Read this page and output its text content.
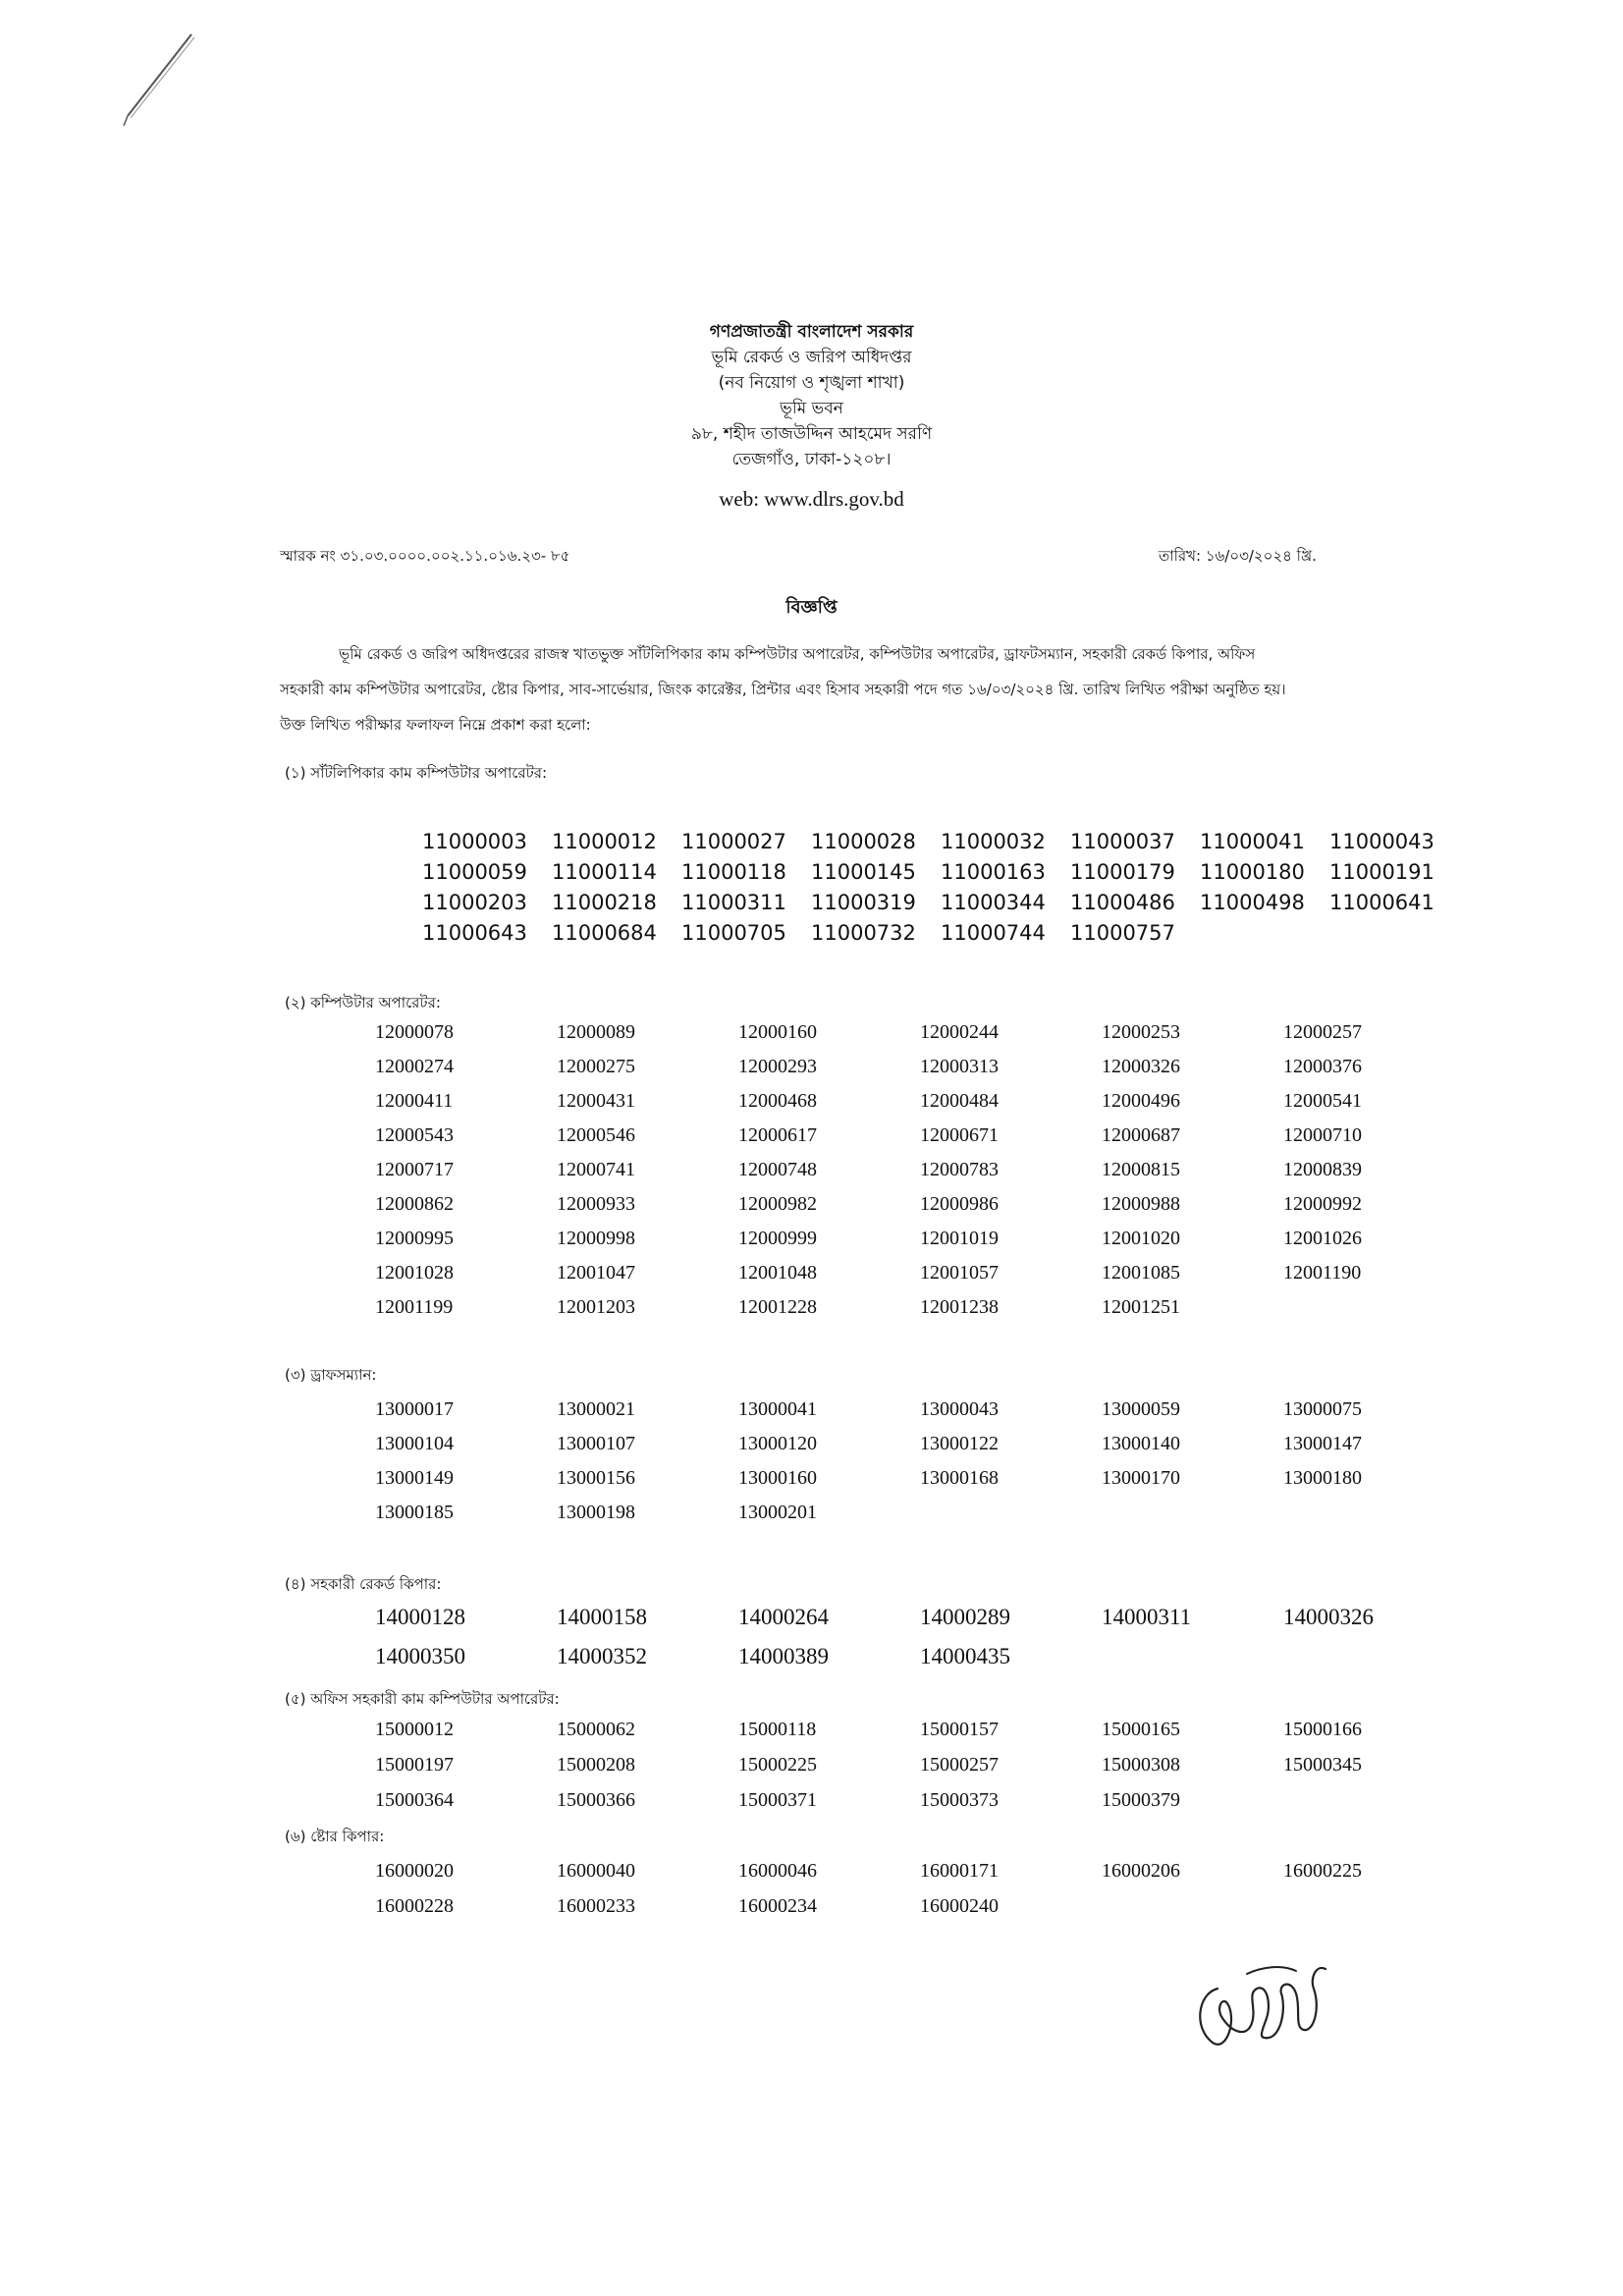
গণপ্রজাতন্ত্রী বাংলাদেশ সরকার
ভূমি রেকর্ড ও জরিপ অধিদপ্তর
(নব নিয়োগ ও শৃঙ্খলা শাখা)
ভূমি ভবন
৯৮, শহীদ তাজউদ্দিন আহমেদ সরণি
তেজগাঁও, ঢাকা-১২০৮।
web: www.dlrs.gov.bd
স্মারক নং ৩১.০৩.০০০০.০০২.১১.০১৬.২৩- ৮৫	তারিখ: ১৬/০৩/২০২৪ খ্রি.
বিজ্ঞপ্তি
ভূমি রেকর্ড ও জরিপ অধিদপ্তরের রাজস্ব খাতভুক্ত সাঁটলিপিকার কাম কম্পিউটার অপারেটর, কম্পিউটার অপারেটর, ড্রাফটসম্যান, সহকারী রেকর্ড কিপার, অফিস
সহকারী কাম কম্পিউটার অপারেটর, ষ্টোর কিপার, সাব-সার্ভেয়ার, জিংক কারেক্টর, প্রিন্টার এবং হিসাব সহকারী পদে গত ১৬/০৩/২০২৪ খ্রি. তারিখ লিখিত পরীক্ষা অনুষ্ঠিত হয়।
উক্ত লিখিত পরীক্ষার ফলাফল নিম্নে প্রকাশ করা হলো:
(১) সাঁটলিপিকার কাম কম্পিউটার অপারেটর:
11000003	11000012	11000027	11000028	11000032	11000037	11000041	11000043
11000059	11000114	11000118	11000145	11000163	11000179	11000180	11000191
11000203	11000218	11000311	11000319	11000344	11000486	11000498	11000641
11000643	11000684	11000705	11000732	11000744	11000757
(২) কম্পিউটার অপারেটর:
12000078	12000089	12000160	12000244	12000253	12000257
12000274	12000275	12000293	12000313	12000326	12000376
12000411	12000431	12000468	12000484	12000496	12000541
12000543	12000546	12000617	12000671	12000687	12000710
12000717	12000741	12000748	12000783	12000815	12000839
12000862	12000933	12000982	12000986	12000988	12000992
12000995	12000998	12000999	12001019	12001020	12001026
12001028	12001047	12001048	12001057	12001085	12001190
12001199	12001203	12001228	12001238	12001251
(৩) ড্রাফসম্যান:
13000017	13000021	13000041	13000043	13000059	13000075
13000104	13000107	13000120	13000122	13000140	13000147
13000149	13000156	13000160	13000168	13000170	13000180
13000185	13000198	13000201
(৪) সহকারী রেকর্ড কিপার:
14000128	14000158	14000264	14000289	14000311	14000326
14000350	14000352	14000389	14000435
(৫) অফিস সহকারী কাম কম্পিউটার অপারেটর:
15000012	15000062	15000118	15000157	15000165	15000166
15000197	15000208	15000225	15000257	15000308	15000345
15000364	15000366	15000371	15000373	15000379
(৬) ষ্টোর কিপার:
16000020	16000040	16000046	16000171	16000206	16000225
16000228	16000233	16000234	16000240
